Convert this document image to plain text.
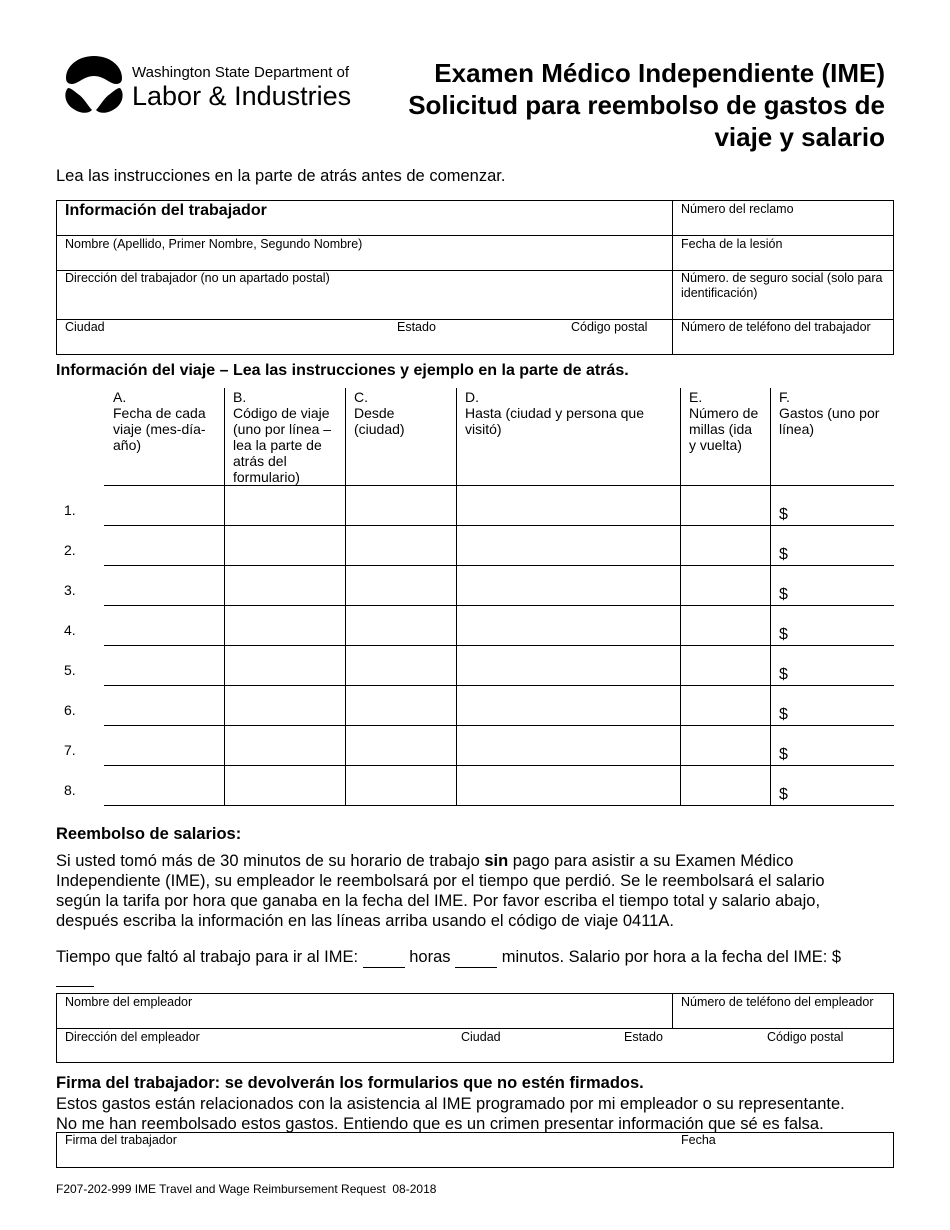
Washington State Department of
Labor & Industries
Examen Médico Independiente (IME)
Solicitud para reembolso de gastos de
viaje y salario
Lea las instrucciones en la parte de atrás antes de comenzar.
Información del trabajador	Número del reclamo
Nombre (Apellido, Primer Nombre, Segundo Nombre)	Fecha de la lesión
Dirección del trabajador (no un apartado postal)	Número. de seguro social (solo para
identificación)
Ciudad	Estado	Código postal	Número de teléfono del trabajador
Información del viaje – Lea las instrucciones y ejemplo en la parte de atrás.
A.
Fecha de cada
viaje (mes-día-
año)
B.
Código de viaje
(uno por línea –
lea la parte de
atrás del
formulario)
C.
Desde
(ciudad)
D.
Hasta (ciudad y persona que
visitó)
E.
Número de
millas (ida
y vuelta)
F.
Gastos (uno por
línea)
1.	$
2.	$
3.	$
4.	$
5.	$
6.	$
7.	$
8.	$
Reembolso de salarios:
Si usted tomó más de 30 minutos de su horario de trabajo sin pago para asistir a su Examen Médico
Independiente (IME), su empleador le reembolsará por el tiempo que perdió. Se le reembolsará el salario
según la tarifa por hora que ganaba en la fecha del IME. Por favor escriba el tiempo total y salario abajo,
después escriba la información en las líneas arriba usando el código de viaje 0411A.
Tiempo que faltó al trabajo para ir al IME:	horas	minutos. Salario por hora a la fecha del IME: $
Nombre del empleador	Número de teléfono del empleador
Dirección del empleador	Ciudad	Estado	Código postal
Firma del trabajador: se devolverán los formularios que no estén firmados.
Estos gastos están relacionados con la asistencia al IME programado por mi empleador o su representante.
No me han reembolsado estos gastos. Entiendo que es un crimen presentar información que sé es falsa.
Firma del trabajador	Fecha
F207-202-999 IME Travel and Wage Reimbursement Request  08-2018
